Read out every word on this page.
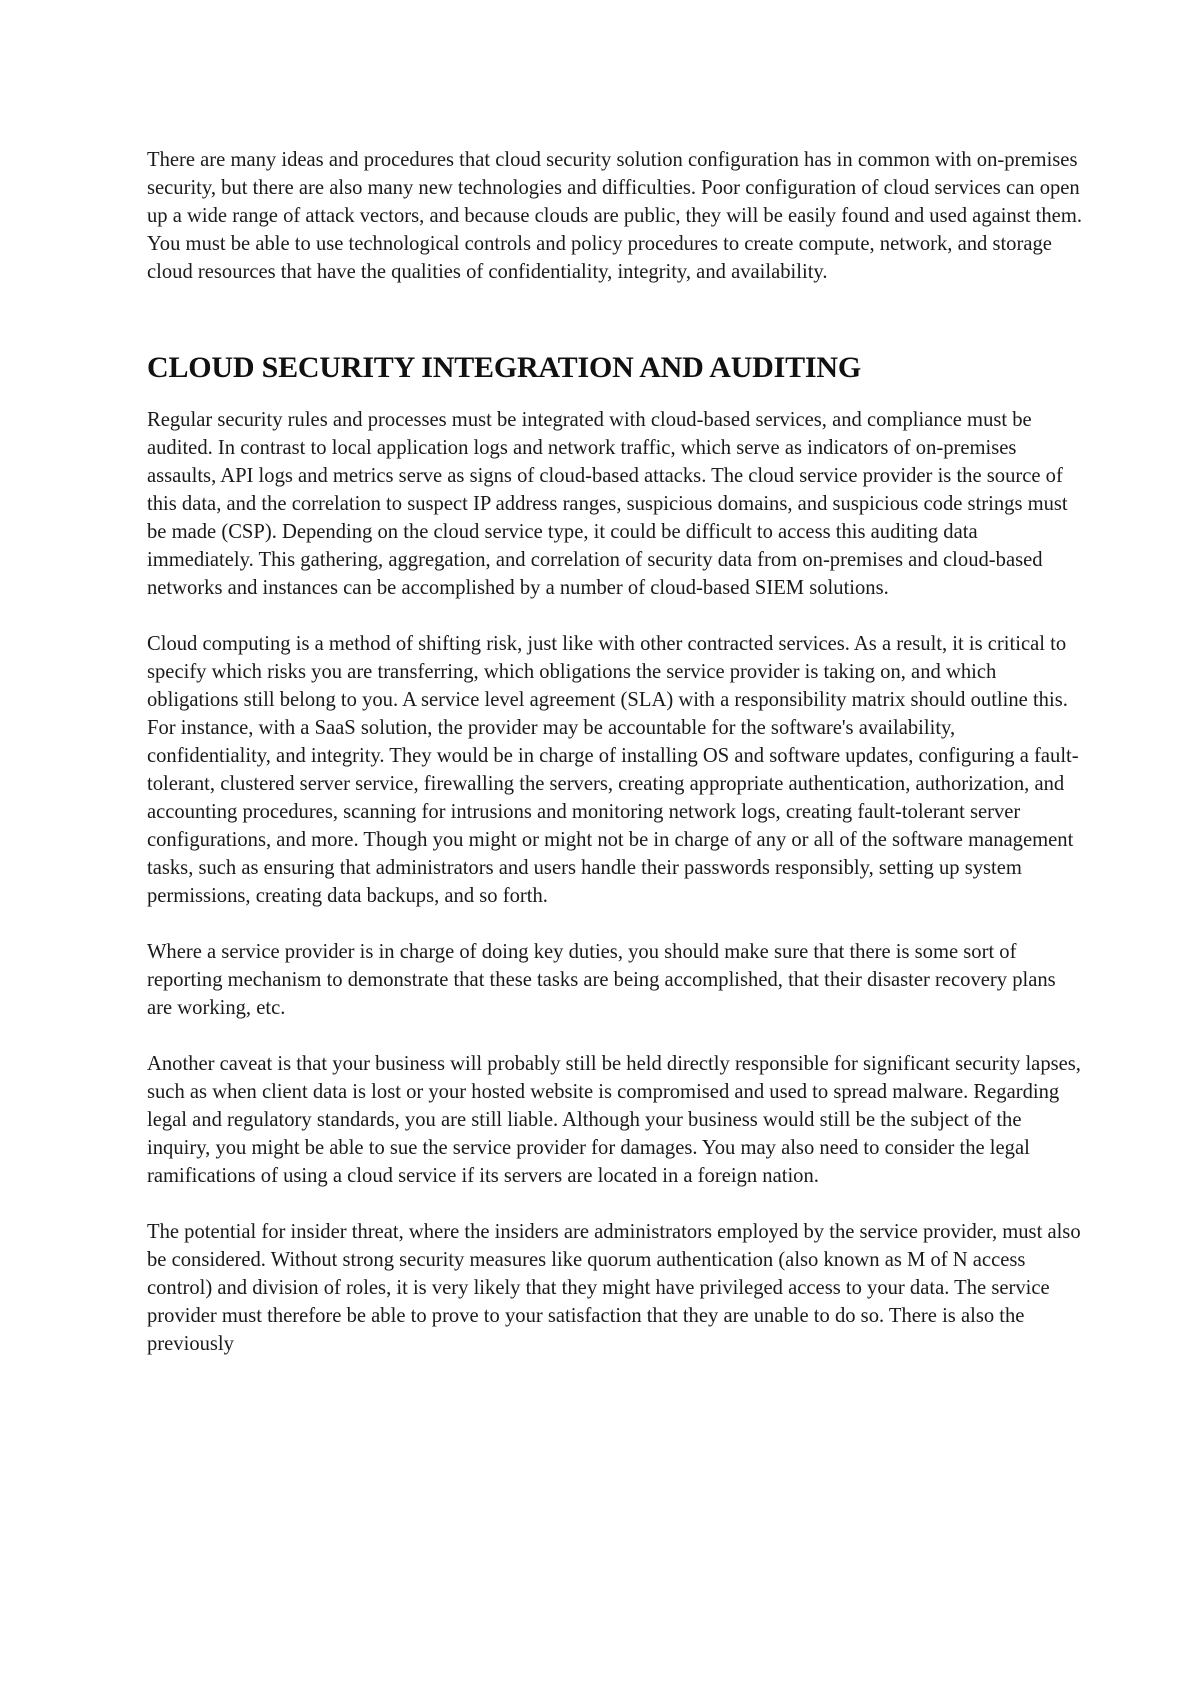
There are many ideas and procedures that cloud security solution configuration has in common with on-premises security, but there are also many new technologies and difficulties. Poor configuration of cloud services can open up a wide range of attack vectors, and because clouds are public, they will be easily found and used against them. You must be able to use technological controls and policy procedures to create compute, network, and storage cloud resources that have the qualities of confidentiality, integrity, and availability.

CLOUD SECURITY INTEGRATION AND AUDITING

Regular security rules and processes must be integrated with cloud-based services, and compliance must be audited. In contrast to local application logs and network traffic, which serve as indicators of on-premises assaults, API logs and metrics serve as signs of cloud-based attacks. The cloud service provider is the source of this data, and the correlation to suspect IP address ranges, suspicious domains, and suspicious code strings must be made (CSP). Depending on the cloud service type, it could be difficult to access this auditing data immediately. This gathering, aggregation, and correlation of security data from on-premises and cloud-based networks and instances can be accomplished by a number of cloud-based SIEM solutions.

Cloud computing is a method of shifting risk, just like with other contracted services. As a result, it is critical to specify which risks you are transferring, which obligations the service provider is taking on, and which obligations still belong to you. A service level agreement (SLA) with a responsibility matrix should outline this. For instance, with a SaaS solution, the provider may be accountable for the software's availability, confidentiality, and integrity. They would be in charge of installing OS and software updates, configuring a fault-tolerant, clustered server service, firewalling the servers, creating appropriate authentication, authorization, and accounting procedures, scanning for intrusions and monitoring network logs, creating fault-tolerant server configurations, and more. Though you might or might not be in charge of any or all of the software management tasks, such as ensuring that administrators and users handle their passwords responsibly, setting up system permissions, creating data backups, and so forth.

Where a service provider is in charge of doing key duties, you should make sure that there is some sort of reporting mechanism to demonstrate that these tasks are being accomplished, that their disaster recovery plans are working, etc.

Another caveat is that your business will probably still be held directly responsible for significant security lapses, such as when client data is lost or your hosted website is compromised and used to spread malware. Regarding legal and regulatory standards, you are still liable. Although your business would still be the subject of the inquiry, you might be able to sue the service provider for damages. You may also need to consider the legal ramifications of using a cloud service if its servers are located in a foreign nation.

The potential for insider threat, where the insiders are administrators employed by the service provider, must also be considered. Without strong security measures like quorum authentication (also known as M of N access control) and division of roles, it is very likely that they might have privileged access to your data. The service provider must therefore be able to prove to your satisfaction that they are unable to do so. There is also the previously
